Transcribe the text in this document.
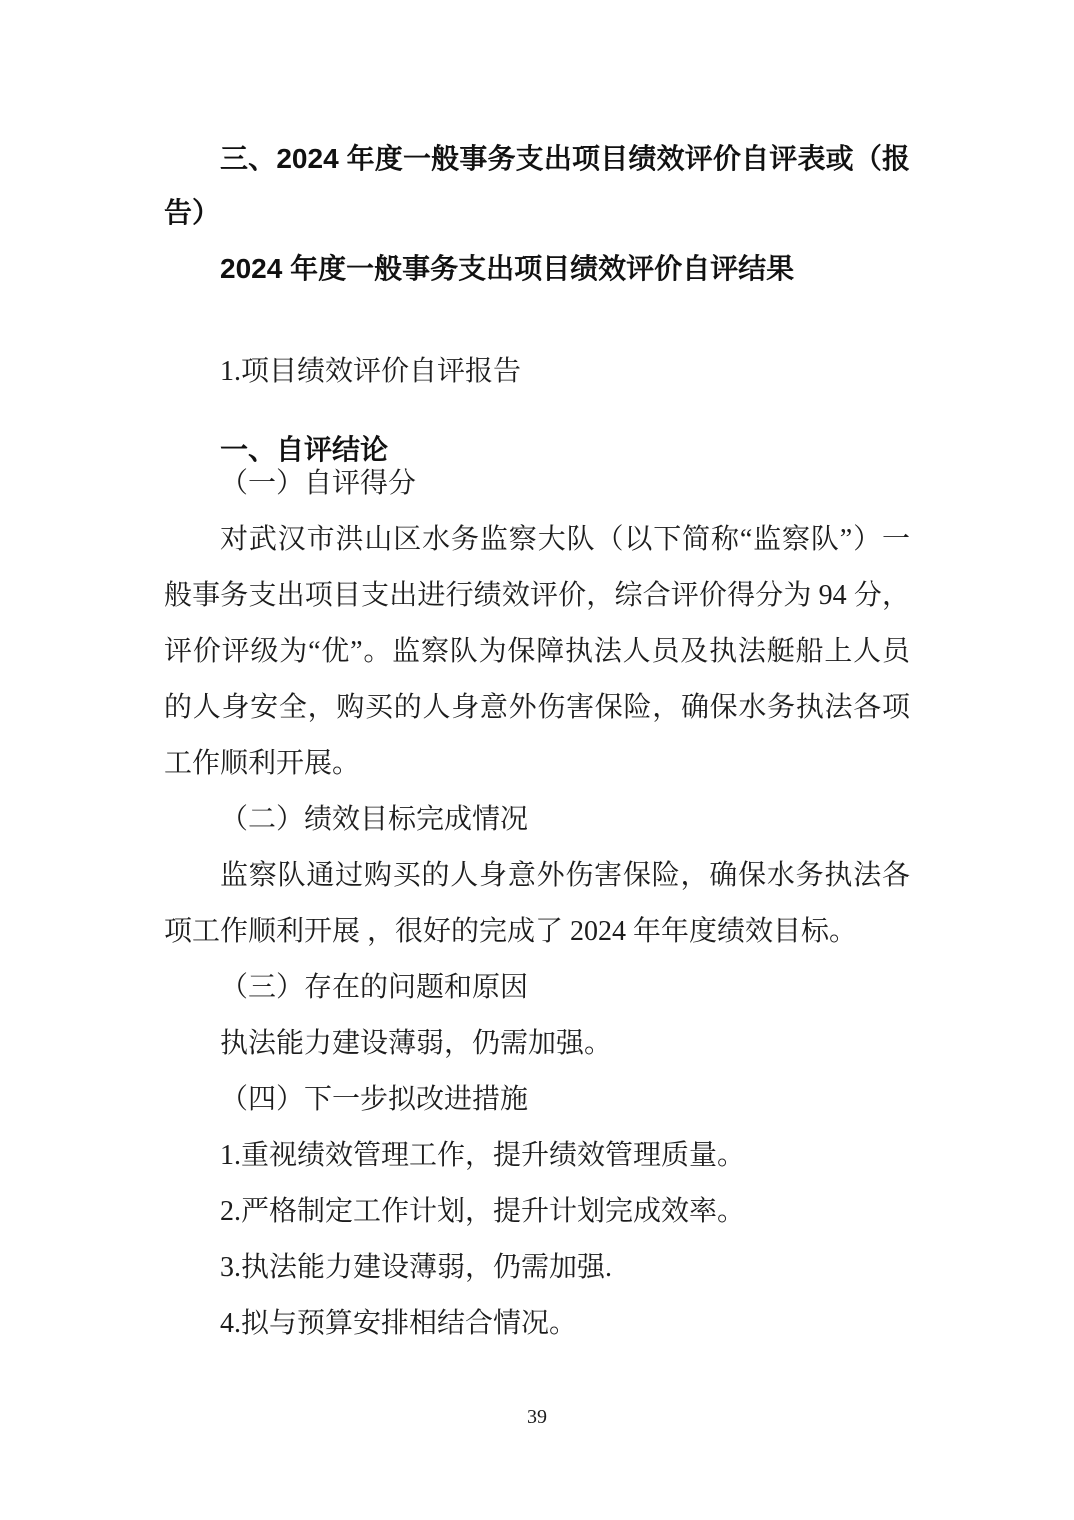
三、2024 年度一般事务支出项目绩效评价自评表或（报告）
2024 年度一般事务支出项目绩效评价自评结果

1.项目绩效评价自评报告

一、自评结论

（一）自评得分

对武汉市洪山区水务监察大队（以下简称“监察队”）一般事务支出项目支出进行绩效评价，综合评价得分为 94 分，评价评级为“优”。监察队为保障执法人员及执法艇船上人员的人身安全，购买的人身意外伤害保险，确保水务执法各项工作顺利开展。

（二）绩效目标完成情况

监察队通过购买的人身意外伤害保险，确保水务执法各项工作顺利开展 ，很好的完成了 2024 年年度绩效目标。

（三）存在的问题和原因

执法能力建设薄弱，仍需加强。

（四）下一步拟改进措施

1.重视绩效管理工作，提升绩效管理质量。

2.严格制定工作计划，提升计划完成效率。

3.执法能力建设薄弱，仍需加强.

4.拟与预算安排相结合情况。

39
